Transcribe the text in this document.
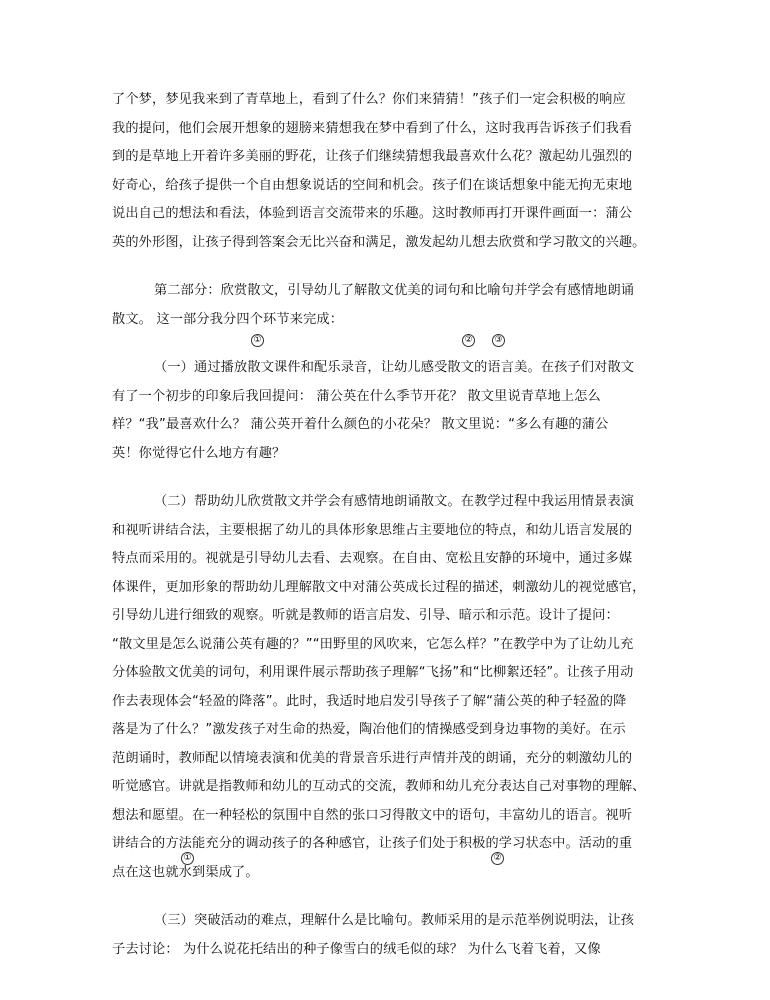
了个梦，梦见我来到了青草地上，看到了什么？你们来猜猜！”孩子们一定会积极的响应
我的提问，他们会展开想象的翅膀来猜想我在梦中看到了什么，这时我再告诉孩子们我看
到的是草地上开着许多美丽的野花，让孩子们继续猜想我最喜欢什么花？激起幼儿强烈的
好奇心，给孩子提供一个自由想象说话的空间和机会。孩子们在谈话想象中能无拘无束地
说出自己的想法和看法，体验到语言交流带来的乐趣。这时教师再打开课件画面一：蒲公
英的外形图，让孩子得到答案会无比兴奋和满足，激发起幼儿想去欣赏和学习散文的兴趣。

第二部分：欣赏散文，引导幼儿了解散文优美的词句和比喻句并学会有感情地朗诵
散文。 这一部分我分四个环节来完成：

（一）通过播放散文课件和配乐录音，让幼儿感受散文的语言美。在孩子们对散文
有了一个初步的印象后我回提问： 蒲公英在什么季节开花？ 散文里说青草地上怎么
样？“我”最喜欢什么？ 蒲公英开着什么颜色的小花朵？ 散文里说：“多么有趣的蒲公
英！你觉得它什么地方有趣？

（二）帮助幼儿欣赏散文并学会有感情地朗诵散文。在教学过程中我运用情景表演
和视听讲结合法，主要根据了幼儿的具体形象思维占主要地位的特点，和幼儿语言发展的
特点而采用的。视就是引导幼儿去看、去观察。在自由、宽松且安静的环境中，通过多媒
体课件，更加形象的帮助幼儿理解散文中对蒲公英成长过程的描述，刺激幼儿的视觉感官，
引导幼儿进行细致的观察。听就是教师的语言启发、引导、暗示和示范。设计了提问：
“散文里是怎么说蒲公英有趣的？”“田野里的风吹来，它怎么样？”在教学中为了让幼儿充
分体验散文优美的词句，利用课件展示帮助孩子理解“飞扬”和“比柳絮还轻”。让孩子用动
作去表现体会“轻盈的降落”。此时，我适时地启发引导孩子了解“蒲公英的种子轻盈的降
落是为了什么？”激发孩子对生命的热爱，陶冶他们的情操感受到身边事物的美好。在示
范朗诵时，教师配以情境表演和优美的背景音乐进行声情并茂的朗诵，充分的刺激幼儿的
听觉感官。讲就是指教师和幼儿的互动式的交流，教师和幼儿充分表达自己对事物的理解、
想法和愿望。在一种轻松的氛围中自然的张口习得散文中的语句，丰富幼儿的语言。视听
讲结合的方法能充分的调动孩子的各种感官，让孩子们处于积极的学习状态中。活动的重
点在这也就水到渠成了。

（三）突破活动的难点，理解什么是比喻句。教师采用的是示范举例说明法，让孩
子去讨论： 为什么说花托结出的种子像雪白的绒毛似的球？ 为什么飞着飞着，又像

①	② ③
①	②
